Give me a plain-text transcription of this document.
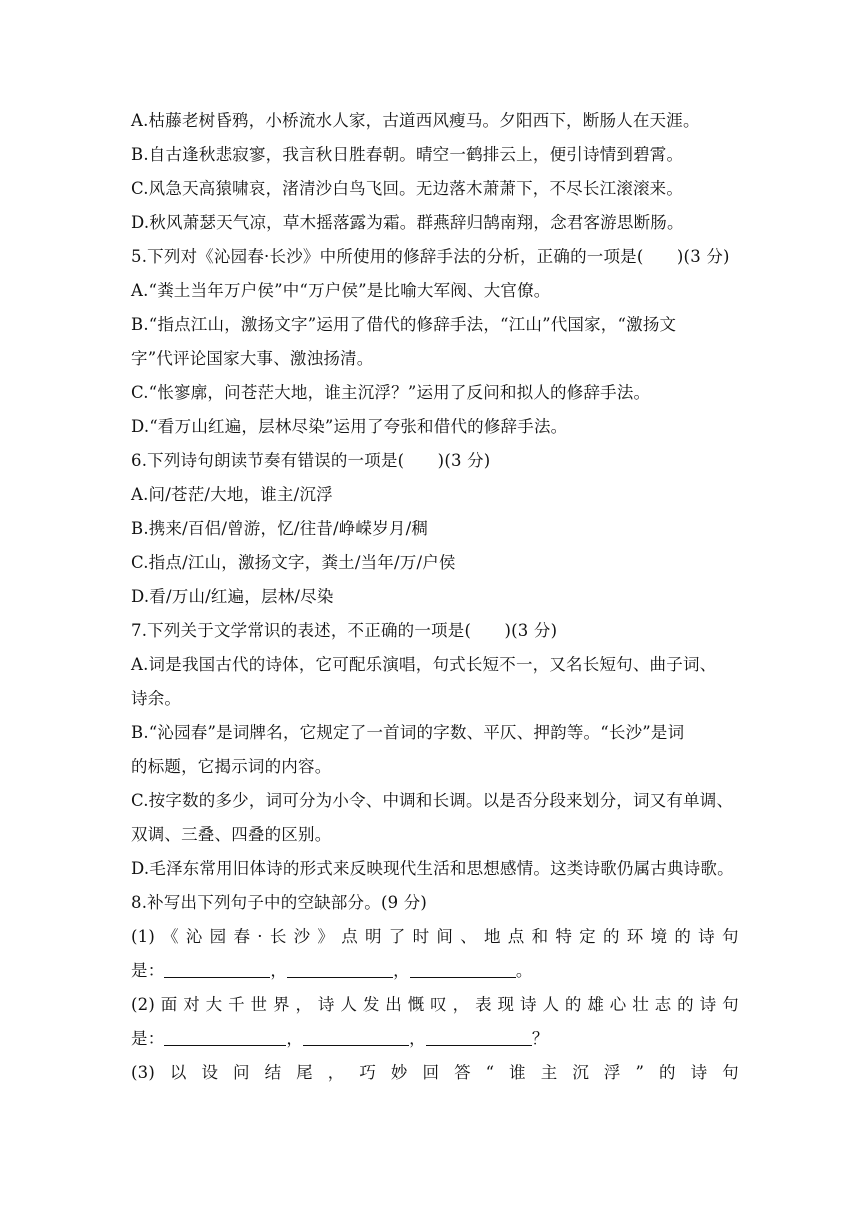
A.枯藤老树昏鸦，小桥流水人家，古道西风瘦马。夕阳西下，断肠人在天涯。
B.自古逢秋悲寂寥，我言秋日胜春朝。晴空一鹤排云上，便引诗情到碧霄。
C.风急天高猿啸哀，渚清沙白鸟飞回。无边落木萧萧下，不尽长江滚滚来。
D.秋风萧瑟天气凉，草木摇落露为霜。群燕辞归鹄南翔，念君客游思断肠。
5.下列对《沁园春·长沙》中所使用的修辞手法的分析，正确的一项是(　　)(3 分)
A.“粪土当年万户侯”中“万户侯”是比喻大军阀、大官僚。
B.“指点江山，激扬文字”运用了借代的修辞手法，“江山”代国家，“激扬文
字”代评论国家大事、激浊扬清。
C.“怅寥廓，问苍茫大地，谁主沉浮？”运用了反问和拟人的修辞手法。
D.“看万山红遍，层林尽染”运用了夸张和借代的修辞手法。
6.下列诗句朗读节奏有错误的一项是(　　)(3 分)
A.问/苍茫/大地，谁主/沉浮
B.携来/百侣/曾游，忆/往昔/峥嵘岁月/稠
C.指点/江山，激扬文字，粪土/当年/万/户侯
D.看/万山/红遍，层林/尽染
7.下列关于文学常识的表述，不正确的一项是(　　)(3 分)
A.词是我国古代的诗体，它可配乐演唱，句式长短不一，又名长短句、曲子词、
诗余。
B.“沁园春”是词牌名，它规定了一首词的字数、平仄、押韵等。“长沙”是词
的标题，它揭示词的内容。
C.按字数的多少，词可分为小令、中调和长调。以是否分段来划分，词又有单调、
双调、三叠、四叠的区别。
D.毛泽东常用旧体诗的形式来反映现代生活和思想感情。这类诗歌仍属古典诗歌。
8.补写出下列句子中的空缺部分。(9 分)
(1) 《 沁 园 春 · 长 沙 》 点 明 了 时 间 、 地 点 和 特 定 的 环 境 的 诗 句
是：	，	，	。
(2) 面 对 大 千 世 界 ， 诗 人 发 出 慨 叹 ， 表 现 诗 人 的 雄 心 壮 志 的 诗 句
是：	，	，	？
(3) 以 设 问 结 尾 ， 巧 妙 回 答 “ 谁 主 沉 浮 ” 的 诗 句
